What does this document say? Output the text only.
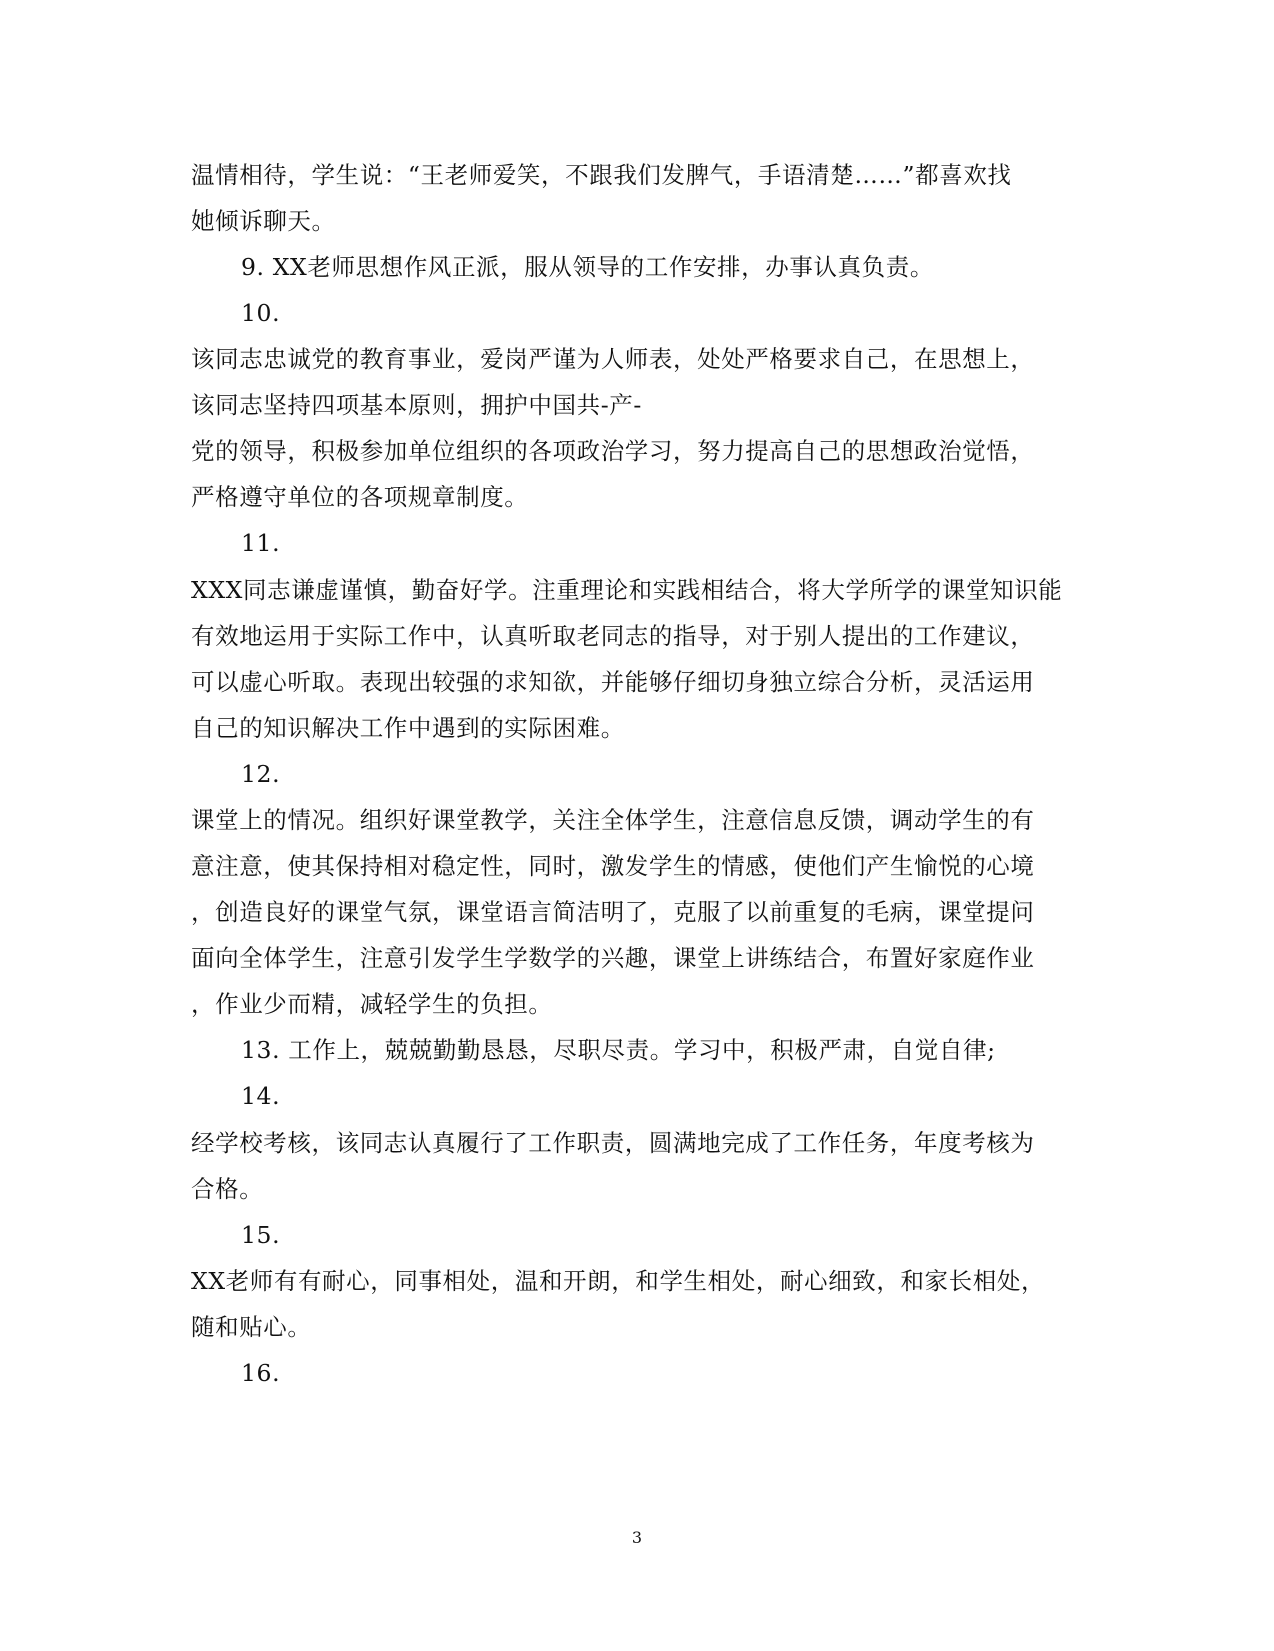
温情相待，学生说：“王老师爱笑，不跟我们发脾气，手语清楚……”都喜欢找
她倾诉聊天。
9. XX老师思想作风正派，服从领导的工作安排，办事认真负责。
10.
该同志忠诚党的教育事业，爱岗严谨为人师表，处处严格要求自己，在思想上，
该同志坚持四项基本原则，拥护中国共-产-
党的领导，积极参加单位组织的各项政治学习，努力提高自己的思想政治觉悟，
严格遵守单位的各项规章制度。
11.
XXX同志谦虚谨慎，勤奋好学。注重理论和实践相结合，将大学所学的课堂知识能
有效地运用于实际工作中，认真听取老同志的指导，对于别人提出的工作建议，
可以虚心听取。表现出较强的求知欲，并能够仔细切身独立综合分析，灵活运用
自己的知识解决工作中遇到的实际困难。
12.
课堂上的情况。组织好课堂教学，关注全体学生，注意信息反馈，调动学生的有
意注意，使其保持相对稳定性，同时，激发学生的情感，使他们产生愉悦的心境
，创造良好的课堂气氛，课堂语言简洁明了，克服了以前重复的毛病，课堂提问
面向全体学生，注意引发学生学数学的兴趣，课堂上讲练结合，布置好家庭作业
，作业少而精，减轻学生的负担。
13. 工作上，兢兢勤勤恳恳，尽职尽责。学习中，积极严肃，自觉自律;
14.
经学校考核，该同志认真履行了工作职责，圆满地完成了工作任务，年度考核为
合格。
15.
XX老师有有耐心，同事相处，温和开朗，和学生相处，耐心细致，和家长相处，
随和贴心。
16.
3
